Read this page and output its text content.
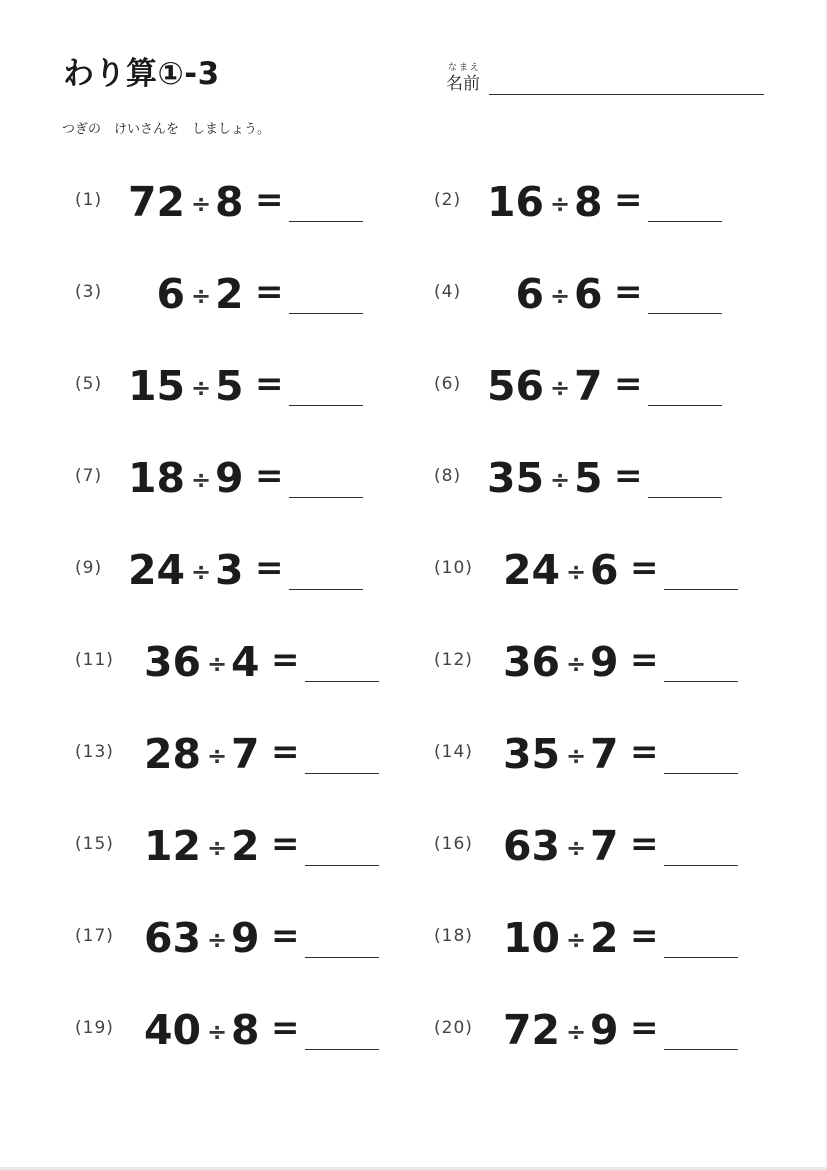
わり算①-3	なまえ
名前
つぎの　けいさんを　しましょう。
(1) 72 ÷ 8 =	(2) 16 ÷ 8 =
(3) 6 ÷ 2 =	(4) 6 ÷ 6 =
(5) 15 ÷ 5 =	(6) 56 ÷ 7 =
(7) 18 ÷ 9 =	(8) 35 ÷ 5 =
(9) 24 ÷ 3 =	(10) 24 ÷ 6 =
(11) 36 ÷ 4 =	(12) 36 ÷ 9 =
(13) 28 ÷ 7 =	(14) 35 ÷ 7 =
(15) 12 ÷ 2 =	(16) 63 ÷ 7 =
(17) 63 ÷ 9 =	(18) 10 ÷ 2 =
(19) 40 ÷ 8 =	(20) 72 ÷ 9 =
